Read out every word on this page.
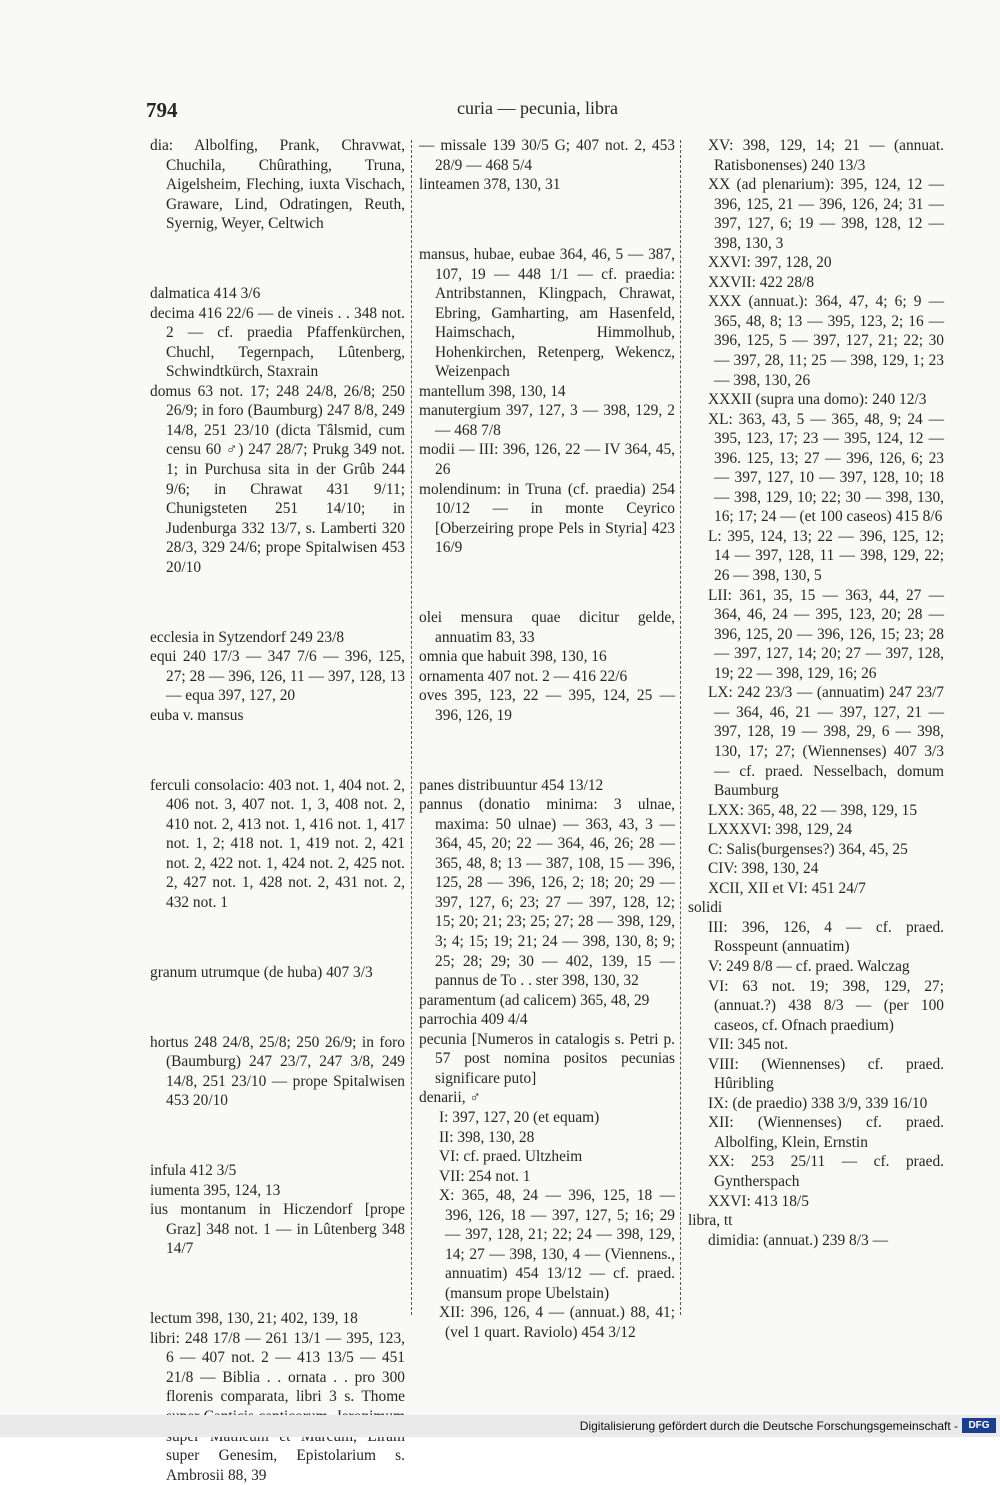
794	curia — pecunia, libra

dia: Albolfing, Prank, Chravwat, Chuchila, Chûrathing, Truna, Aigelsheim, Fleching, iuxta Vischach, Graware, Lind, Odratingen, Reuth, Syernig, Weyer, Celtwich

dalmatica 414 3/6

decima 416 22/6 — de vineis . . 348 not. 2 — cf. praedia Pfaffenkürchen, Chuchl, Tegernpach, Lûtenberg, Schwindtkürch, Staxrain

domus 63 not. 17; 248 24/8, 26/8; 250 26/9; in foro (Baumburg) 247 8/8, 249 14/8, 251 23/10 (dicta Tâlsmid, cum censu 60 ♂) 247 28/7; Prukg 349 not. 1; in Purchusa sita in der Grûb 244 9/6; in Chrawat 431 9/11; Chunigsteten 251 14/10; in Judenburga 332 13/7, s. Lamberti 320 28/3, 329 24/6; prope Spitalwisen 453 20/10

ecclesia in Sytzendorf 249 23/8

equi 240 17/3 — 347 7/6 — 396, 125, 27; 28 — 396, 126, 11 — 397, 128, 13 — equa 397, 127, 20

euba v. mansus

ferculi consolacio: 403 not. 1, 404 not. 2, 406 not. 3, 407 not. 1, 3, 408 not. 2, 410 not. 2, 413 not. 1, 416 not. 1, 417 not. 1, 2; 418 not. 1, 419 not. 2, 421 not. 2, 422 not. 1, 424 not. 2, 425 not. 2, 427 not. 1, 428 not. 2, 431 not. 2, 432 not. 1

granum utrumque (de huba) 407 3/3

hortus 248 24/8, 25/8; 250 26/9; in foro (Baumburg) 247 23/7, 247 3/8, 249 14/8, 251 23/10 — prope Spitalwisen 453 20/10

infula 412 3/5

iumenta 395, 124, 13

ius montanum in Hiczendorf [prope Graz] 348 not. 1 — in Lûtenberg 348 14/7

lectum 398, 130, 21; 402, 139, 18

libri: 248 17/8 — 261 13/1 — 395, 123, 6 — 407 not. 2 — 413 13/5 — 451 21/8 — Biblia . . ornata . . pro 300 florenis comparata, libri 3 s. Thome super Genesim, Epistolarium s. Ambrosii 88, 39

— missale 139 30/5 G; 407 not. 2, 453 28/9 — 468 5/4

linteamen 378, 130, 31

mansus, hubae, eubae 364, 46, 5 — 387, 107, 19 — 448 1/1 — cf. praedia: Antribstannen, Klingpach, Chrawat, Ebring, Gamharting, am Hasenfeld, Haimschach, Himmolhub, Hohenkirchen, Retenperg, Wekencz, Weizenpach

mantellum 398, 130, 14

manutergium 397, 127, 3 — 398, 129, 2 — 468 7/8

modii — III: 396, 126, 22 — IV 364, 45, 26

molendinum: in Truna (cf. praedia) 254 10/12 — in monte Ceyrico [Oberzeiring prope Pels in Styria] 423 16/9

olei mensura quae dicitur gelde, annuatim 83, 33

omnia que habuit 398, 130, 16

ornamenta 407 not. 2 — 416 22/6

oves 395, 123, 22 — 395, 124, 25 — 396, 126, 19

panes distribuuntur 454 13/12

pannus (donatio minima: 3 ulnae, maxima: 50 ulnae) — 363, 43, 3 — 364, 45, 20; 22 — 364, 46, 26; 28 — 365, 48, 8; 13 — 387, 108, 15 — 396, 125, 28 — 396, 126, 2; 18; 20; 29 — 397, 127, 6; 23; 27 — 397, 128, 12; 15; 20; 21; 23; 25; 27; 28 — 398, 129, 3; 4; 15; 19; 21; 24 — 398, 130, 8; 9; 25; 28; 29; 30 — 402, 139, 15 — pannus de To . . ster 398, 130, 32

paramentum (ad calicem) 365, 48, 29

parrochia 409 4/4

pecunia [Numeros in catalogis s. Petri p. 57 post nomina positos pecunias significare puto]

denarii, ♂

I: 397, 127, 20 (et equam)

II: 398, 130, 28

VI: cf. praed. Ultzheim

VII: 254 not. 1

X: 365, 48, 24 — 396, 125, 18 — 396, 126, 18 — 397, 127, 5; 16; 29 — 397, 128, 21; 22; 24 — 398, 129, 14; 27 — 398, 130, 4 — (Viennens., annuatim) 454 13/12 — cf. praed. (mansum prope Ubelstain)

XII: 396, 126, 4 — (annuat.) 88, 41; (vel 1 quart. Raviolo) 454 3/12

XV: 398, 129, 14; 21 — (annuat. Ratisbonenses) 240 13/3

XX (ad plenarium): 395, 124, 12 — 396, 125, 21 — 396, 126, 24; 31 — 397, 127, 6; 19 — 398, 128, 12 — 398, 130, 3

XXVI: 397, 128, 20

XXVII: 422 28/8

XXX (annuat.): 364, 47, 4; 6; 9 — 365, 48, 8; 13 — 395, 123, 2; 16 — 396, 125, 5 — 397, 127, 21; 22; 30 — 397, 28, 11; 25 — 398, 129, 1; 23 — 398, 130, 26

XXXII (supra una domo): 240 12/3

XL: 363, 43, 5 — 365, 48, 9; 24 — 395, 123, 17; 23 — 395, 124, 12 — 396. 125, 13; 27 — 396, 126, 6; 23 — 397, 127, 10 — 397, 128, 10; 18 — 398, 129, 10; 22; 30 — 398, 130, 16; 17; 24 — (et 100 caseos) 415 8/6

L: 395, 124, 13; 22 — 396, 125, 12; 14 — 397, 128, 11 — 398, 129, 22; 26 — 398, 130, 5

LII: 361, 35, 15 — 363, 44, 27 — 364, 46, 24 — 395, 123, 20; 28 — 396, 125, 20 — 396, 126, 15; 23; 28 — 397, 127, 14; 20; 27 — 397, 128, 19; 22 — 398, 129, 16; 26

LX: 242 23/3 — (annuatim) 247 23/7 — 364, 46, 21 — 397, 127, 21 — 397, 128, 19 — 398, 29, 6 — 398, 130, 17; 27; (Wiennenses) 407 3/3 — cf. praed. Nesselbach, domum Baumburg

LXX: 365, 48, 22 — 398, 129, 15

LXXXVI: 398, 129, 24

C: Salis(burgenses?) 364, 45, 25

CIV: 398, 130, 24

XCII, XII et VI: 451 24/7

solidi

III: 396, 126, 4 — cf. praed. Rosspeunt (annuatim)

V: 249 8/8 — cf. praed. Walczag

VI: 63 not. 19; 398, 129, 27; (annuat.?) 438 8/3 — (per 100 caseos, cf. Ofnach praedium)

VII: 345 not.

VIII: (Wiennenses) cf. praed. Hûribling

IX: (de praedio) 338 3/9, 339 16/10

XII: (Wiennenses) cf. praed. Albolfing, Klein, Ernstin

XX: 253 25/11 — cf. praed. Gyntherspach

XXVI: 413 18/5

libra, tt

dimidia: (annuat.) 239 8/3 —

Digitalisierung gefördert durch die Deutsche Forschungsgemeinschaft -	DFG
